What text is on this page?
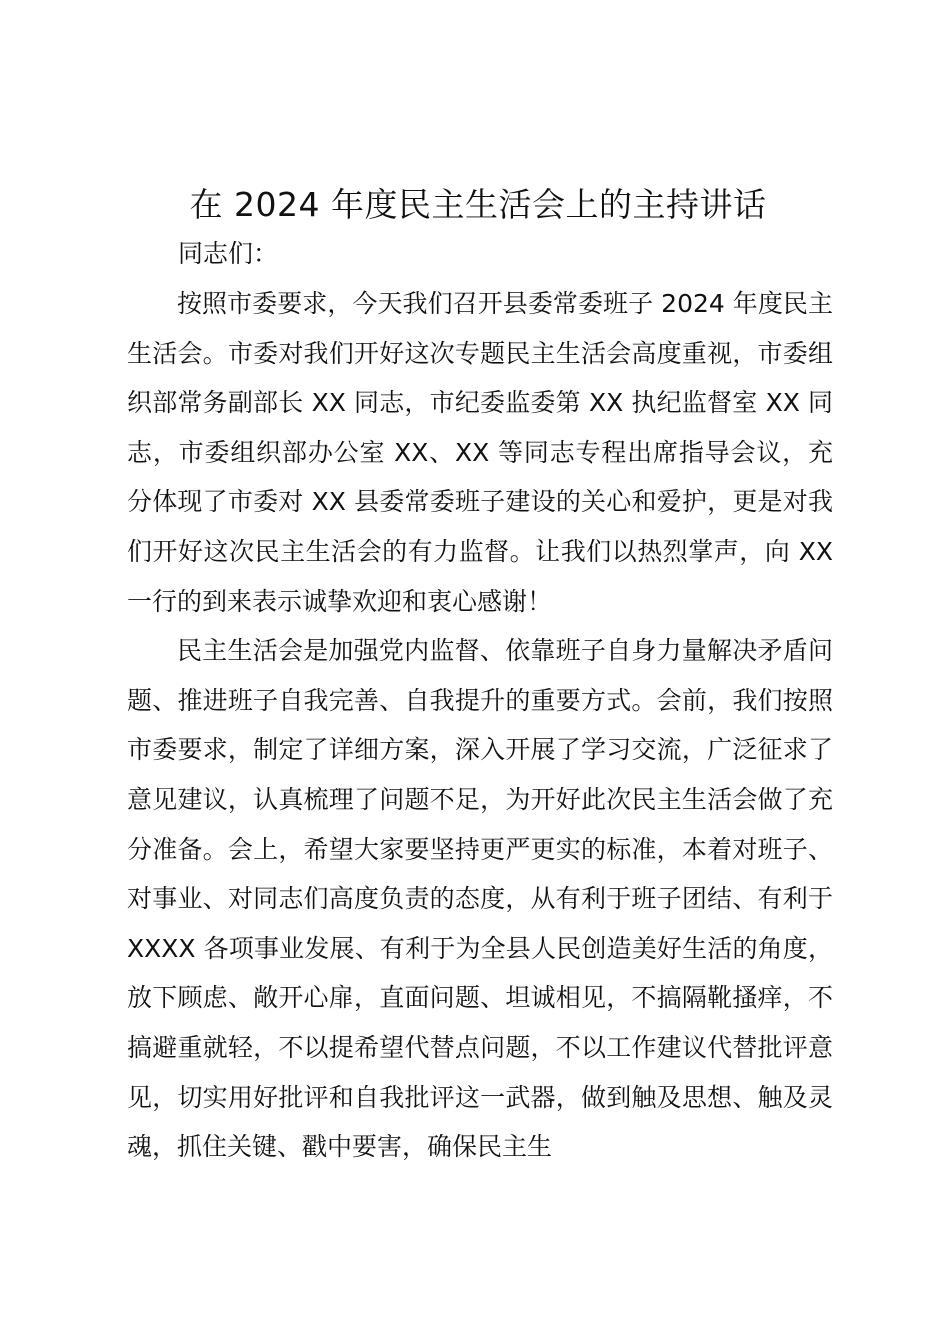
在 2024 年度民主生活会上的主持讲话

同志们：

按照市委要求，今天我们召开县委常委班子 2024 年度民主生活会。市委对我们开好这次专题民主生活会高度重视，市委组织部常务副部长 XX 同志，市纪委监委第 XX 执纪监督室 XX 同志，市委组织部办公室 XX、XX 等同志专程出席指导会议，充分体现了市委对 XX 县委常委班子建设的关心和爱护，更是对我们开好这次民主生活会的有力监督。让我们以热烈掌声，向 XX 一行的到来表示诚挚欢迎和衷心感谢！

民主生活会是加强党内监督、依靠班子自身力量解决矛盾问题、推进班子自我完善、自我提升的重要方式。会前，我们按照市委要求，制定了详细方案，深入开展了学习交流，广泛征求了意见建议，认真梳理了问题不足，为开好此次民主生活会做了充分准备。会上，希望大家要坚持更严更实的标准，本着对班子、对事业、对同志们高度负责的态度，从有利于班子团结、有利于 XXXX 各项事业发展、有利于为全县人民创造美好生活的角度，放下顾虑、敞开心扉，直面问题、坦诚相见，不搞隔靴搔痒，不搞避重就轻，不以提希望代替点问题，不以工作建议代替批评意见，切实用好批评和自我批评这一武器，做到触及思想、触及灵魂，抓住关键、戳中要害，确保民主生
